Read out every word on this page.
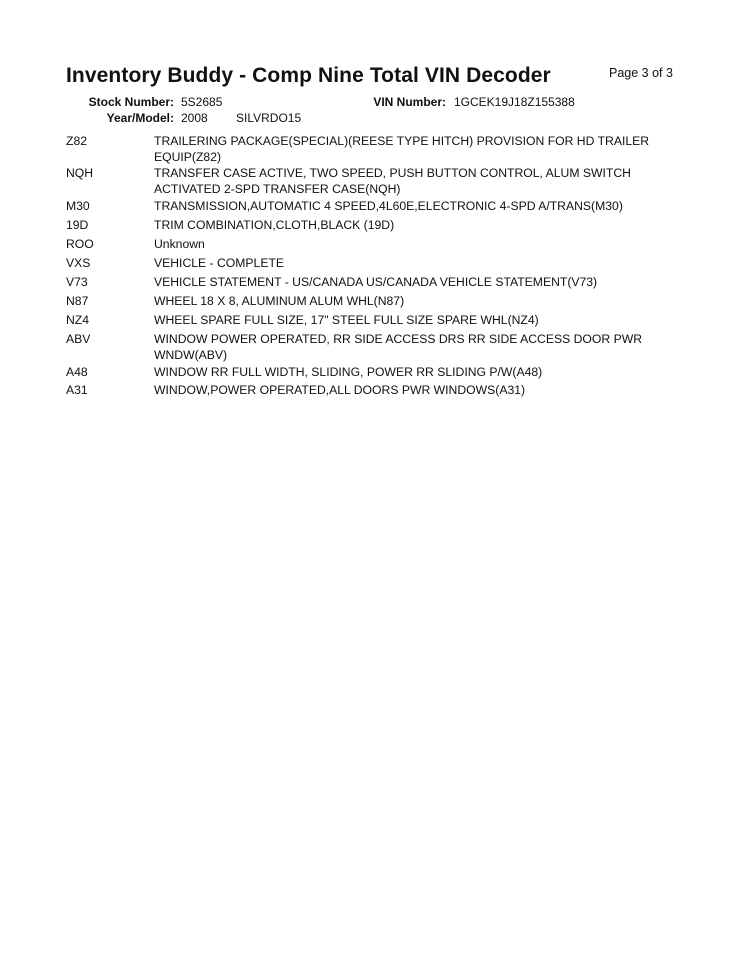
Inventory Buddy - Comp Nine Total VIN Decoder	Page 3 of 3
Stock Number: 5S2685
Year/Model: 2008 SILVRDO15
VIN Number: 1GCEK19J18Z155388
Z82	TRAILERING PACKAGE(SPECIAL)(REESE TYPE HITCH) PROVISION FOR HD TRAILER EQUIP(Z82)
NQH	TRANSFER CASE ACTIVE, TWO SPEED, PUSH BUTTON CONTROL, ALUM SWITCH ACTIVATED 2-SPD TRANSFER CASE(NQH)
M30	TRANSMISSION,AUTOMATIC 4 SPEED,4L60E,ELECTRONIC 4-SPD A/TRANS(M30)
19D	TRIM COMBINATION,CLOTH,BLACK (19D)
ROO	Unknown
VXS	VEHICLE - COMPLETE
V73	VEHICLE STATEMENT - US/CANADA US/CANADA VEHICLE STATEMENT(V73)
N87	WHEEL 18 X 8, ALUMINUM ALUM WHL(N87)
NZ4	WHEEL SPARE FULL SIZE, 17" STEEL FULL SIZE SPARE WHL(NZ4)
ABV	WINDOW POWER OPERATED, RR SIDE ACCESS DRS RR SIDE ACCESS DOOR PWR WNDW(ABV)
A48	WINDOW RR FULL WIDTH, SLIDING, POWER RR SLIDING P/W(A48)
A31	WINDOW,POWER OPERATED,ALL DOORS PWR WINDOWS(A31)
